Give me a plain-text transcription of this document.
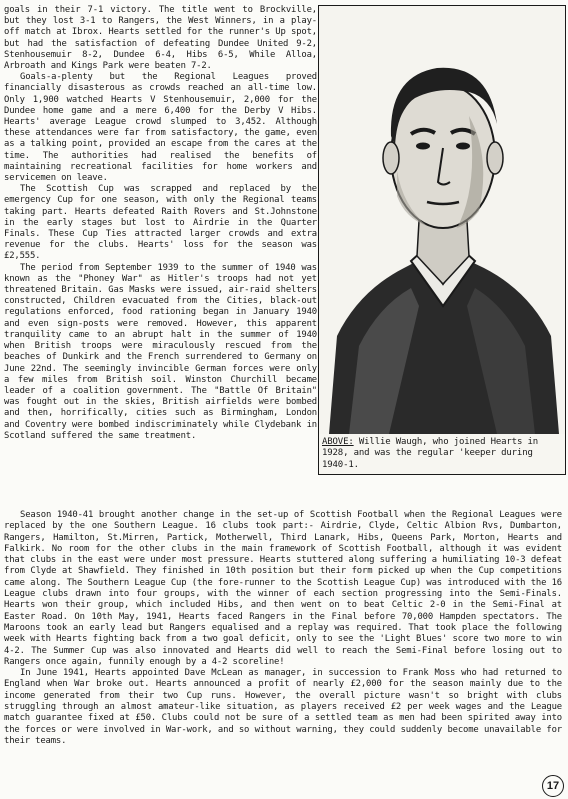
goals in their 7-1 victory. The title went to Brockville, but they lost 3-1 to Rangers, the West Winners, in a play-off match at Ibrox. Hearts settled for the runner's Up spot, but had the satisfaction of defeating Dundee United 9-2, Stenhousemuir 8-2, Dundee 6-4, Hibs 6-5, While Alloa, Arbroath and Kings Park were beaten 7-2.

Goals-a-plenty but the Regional Leagues proved financially disasterous as crowds reached an all-time low. Only 1,900 watched Hearts V Stenhousemuir, 2,000 for the Dundee home game and a mere 6,400 for the Derby V Hibs. Hearts' average League crowd slumped to 3,452. Although these attendances were far from satisfactory, the game, even as a talking point, provided an escape from the cares at the time. The authorities had realised the benefits of maintaining recreational facilities for home workers and servicemen on leave.

The Scottish Cup was scrapped and replaced by the emergency Cup for one season, with only the Regional teams taking part. Hearts defeated Raith Rovers and St.Johnstone in the early stages but lost to Airdrie in the Quarter Finals. These Cup Ties attracted larger crowds and extra revenue for the clubs. Hearts' loss for the season was £2,555.

The period from September 1939 to the summer of 1940 was known as the "Phoney War" as Hitler's troops had not yet threatened Britain. Gas Masks were issued, air-raid shelters constructed, Children evacuated from the Cities, black-out regulations enforced, food rationing began in January 1940 and even sign-posts were removed. However, this apparent tranquility came to an abrupt halt in the summer of 1940 when British troops were miraculously rescued from the beaches of Dunkirk and the French surrendered to Germany on June 22nd. The seemingly invincible German forces were only a few miles from British soil. Winston Churchill became leader of a coalition government. The "Battle Of Britain" was fought out in the skies, British airfields were bombed and then, horrifically, cities such as Birmingham, London and Coventry were bombed indiscriminately while Clydebank in Scotland suffered the same treatment.

ABOVE: Willie Waugh, who joined Hearts in 1928, and was the regular 'keeper during 1940-1.

Season 1940-41 brought another change in the set-up of Scottish Football when the Regional Leagues were replaced by the one Southern League. 16 clubs took part:- Airdrie, Clyde, Celtic Albion Rvs, Dumbarton, Rangers, Hamilton, St.Mirren, Partick, Motherwell, Third Lanark, Hibs, Queens Park, Morton, Hearts and Falkirk. No room for the other clubs in the main framework of Scottish Football, although it was evident that clubs in the east were under most pressure. Hearts stuttered along suffering a humiliating 10-3 defeat from Clyde at Shawfield. They finished in 10th position but their form picked up when the Cup competitions came along. The Southern League Cup (the fore-runner to the Scottish League Cup) was introduced with the 16 League clubs drawn into four groups, with the winner of each section progressing into the Semi-Finals. Hearts won their group, which included Hibs, and then went on to beat Celtic 2-0 in the Semi-Final at Easter Road. On 10th May, 1941, Hearts faced Rangers in the Final before 70,000 Hampden spectators. The Maroons took an early lead but Rangers equalised and a replay was required. That took place the following week with Hearts fighting back from a two goal deficit, only to see the 'Light Blues' score two more to win 4-2. The Summer Cup was also innovated and Hearts did well to reach the Semi-Final before losing out to Rangers once again, funnily enough by a 4-2 scoreline!

In June 1941, Hearts appointed Dave McLean as manager, in succession to Frank Moss who had returned to England when War broke out. Hearts announced a profit of nearly £2,000 for the season mainly due to the income generated from their two Cup runs. However, the overall picture wasn't so bright with clubs struggling through an almost amateur-like situation, as players received £2 per week wages and the League match guarantee fixed at £50. Clubs could not be sure of a settled team as men had been spirited away into the forces or were involved in War-work, and so without warning, they could suddenly become unavailable for their teams.

17
